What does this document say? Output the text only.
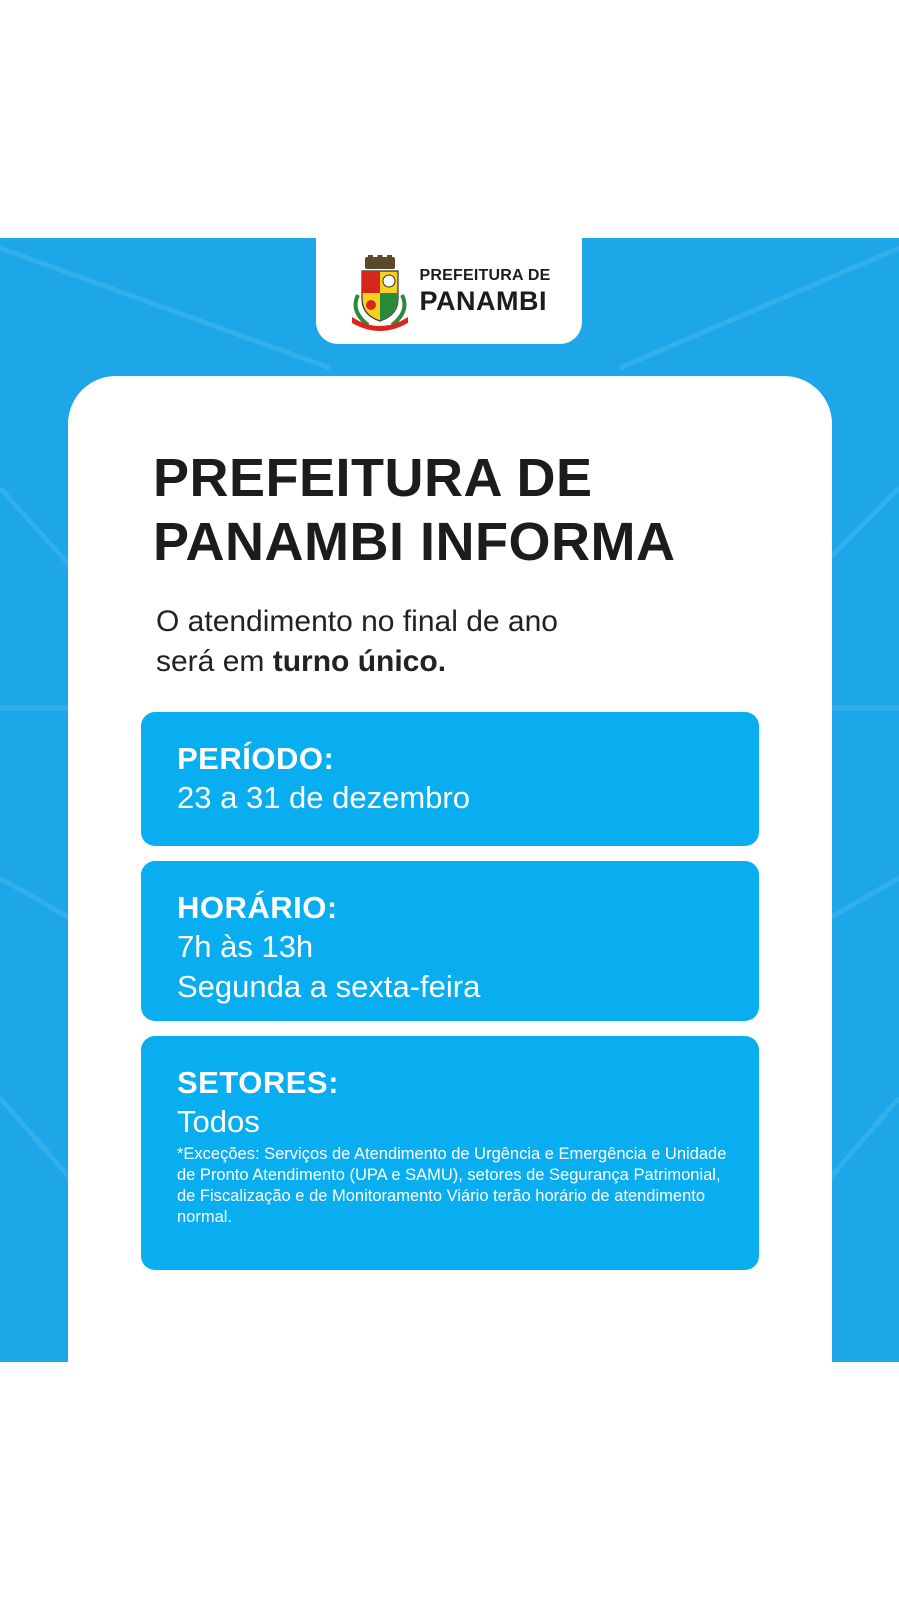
PREFEITURA DE
PANAMBI
PREFEITURA DE
PANAMBI INFORMA
O atendimento no final de ano
será em turno único.
PERÍODO:
23 a 31 de dezembro
HORÁRIO:
7h às 13h
Segunda a sexta-feira
SETORES:
Todos
*Exceções: Serviços de Atendimento de Urgência e Emergência e Unidade de Pronto Atendimento (UPA e SAMU), setores de Segurança Patrimonial, de Fiscalização e de Monitoramento Viário terão horário de atendimento normal.
